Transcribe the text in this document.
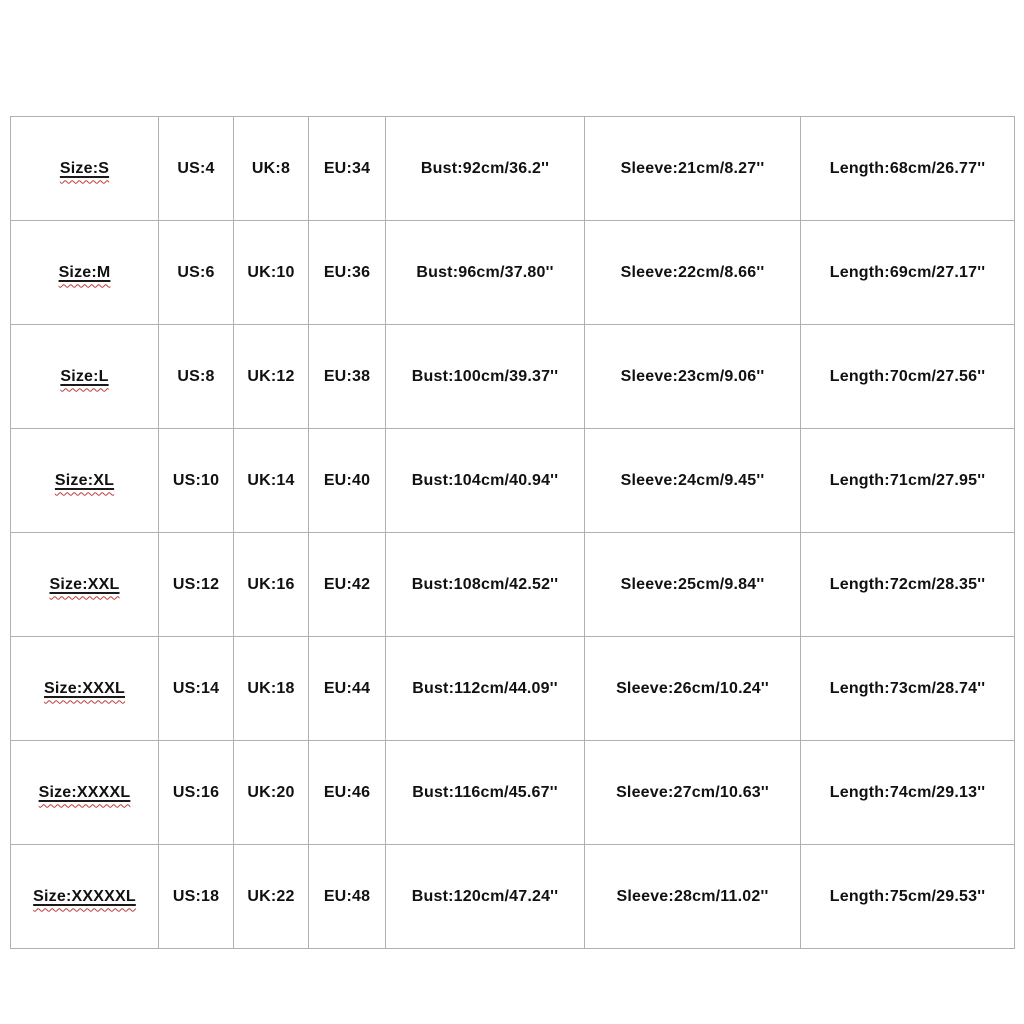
Size:S	US:4	UK:8	EU:34	Bust:92cm/36.2''	Sleeve:21cm/8.27''	Length:68cm/26.77''
Size:M	US:6	UK:10	EU:36	Bust:96cm/37.80''	Sleeve:22cm/8.66''	Length:69cm/27.17''
Size:L	US:8	UK:12	EU:38	Bust:100cm/39.37''	Sleeve:23cm/9.06''	Length:70cm/27.56''
Size:XL	US:10	UK:14	EU:40	Bust:104cm/40.94''	Sleeve:24cm/9.45''	Length:71cm/27.95''
Size:XXL	US:12	UK:16	EU:42	Bust:108cm/42.52''	Sleeve:25cm/9.84''	Length:72cm/28.35''
Size:XXXL	US:14	UK:18	EU:44	Bust:112cm/44.09''	Sleeve:26cm/10.24''	Length:73cm/28.74''
Size:XXXXL	US:16	UK:20	EU:46	Bust:116cm/45.67''	Sleeve:27cm/10.63''	Length:74cm/29.13''
Size:XXXXXL	US:18	UK:22	EU:48	Bust:120cm/47.24''	Sleeve:28cm/11.02''	Length:75cm/29.53''
